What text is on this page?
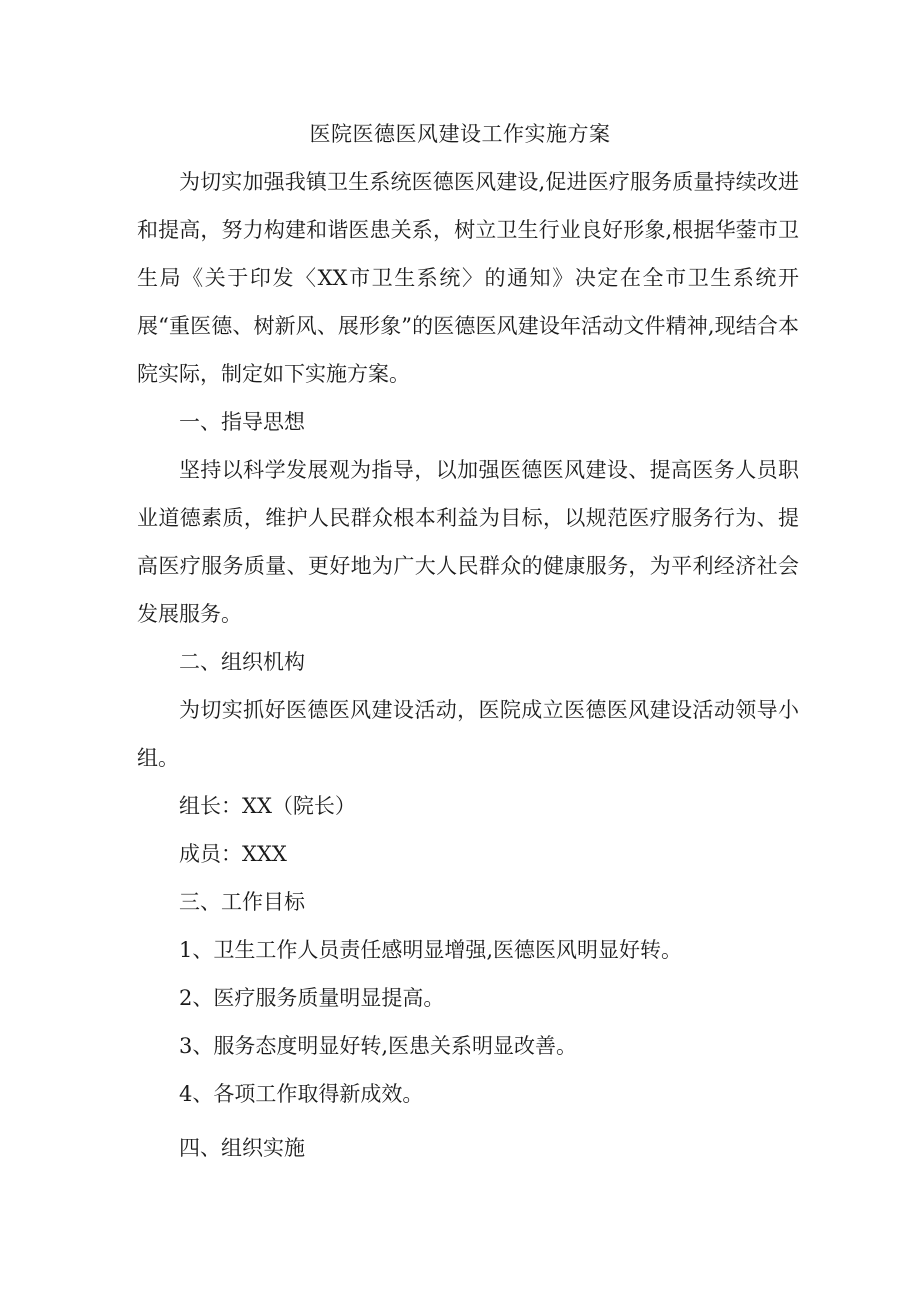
医院医德医风建设工作实施方案
为切实加强我镇卫生系统医德医风建设,促进医疗服务质量持续改进和提高，努力构建和谐医患关系，树立卫生行业良好形象,根据华蓥市卫生局《关于印发〈XX市卫生系统〉的通知》决定在全市卫生系统开展“重医德、树新风、展形象”的医德医风建设年活动文件精神,现结合本院实际，制定如下实施方案。
一、指导思想
坚持以科学发展观为指导，以加强医德医风建设、提高医务人员职业道德素质，维护人民群众根本利益为目标，以规范医疗服务行为、提高医疗服务质量、更好地为广大人民群众的健康服务，为平利经济社会发展服务。
二、组织机构
为切实抓好医德医风建设活动，医院成立医德医风建设活动领导小组。
组长：XX（院长）
成员：XXX
三、工作目标
1、卫生工作人员责任感明显增强,医德医风明显好转。
2、医疗服务质量明显提高。
3、服务态度明显好转,医患关系明显改善。
4、各项工作取得新成效。
四、组织实施
